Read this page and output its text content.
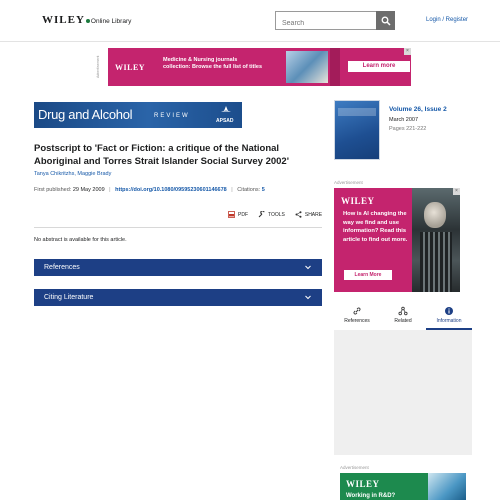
WILEY Online Library
Search	Login / Register
Advertisement	WILEY
Medicine & Nursing journals collection: Browse the full list of titles	Learn more
×
Drug and Alcohol	REVIEW
APSAD
Postscript to 'Fact or Fiction: a critique of the National Aboriginal and Torres Strait Islander Social Survey 2002'
Tanya Chikritzhs, Maggie Brady
First published: 29 May 2009 | https://doi.org/10.1080/09595230601146678 | Citations: 5
PDF	TOOLS	SHARE
No abstract is available for this article.
References
Citing Literature
Volume 26, Issue 2
March 2007
Pages 221-222
Advertisement
WILEY
How is AI changing the way we find and use information? Read this article to find out more.
Learn More
×
References	Related	Information
Advertisement
WILEY
Working in R&D?
